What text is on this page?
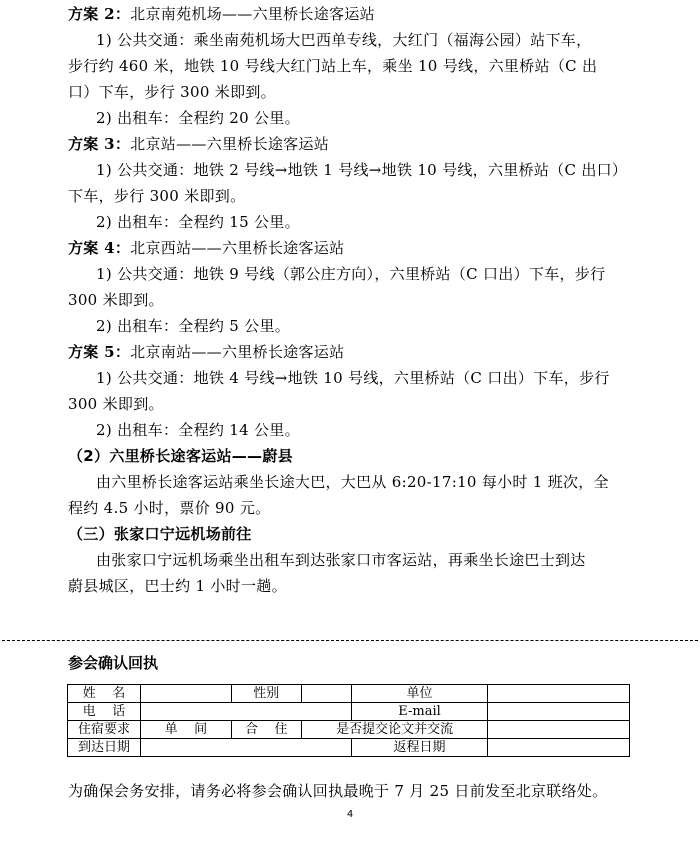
方案 2：北京南苑机场——六里桥长途客运站
1) 公共交通：乘坐南苑机场大巴西单专线，大红门（福海公园）站下车，
步行约 460 米，地铁 10 号线大红门站上车，乘坐 10 号线，六里桥站（C 出
口）下车，步行 300 米即到。
2) 出租车：全程约 20 公里。
方案 3：北京站——六里桥长途客运站
1) 公共交通：地铁 2 号线→地铁 1 号线→地铁 10 号线，六里桥站（C 出口）
下车，步行 300 米即到。
2) 出租车：全程约 15 公里。
方案 4：北京西站——六里桥长途客运站
1) 公共交通：地铁 9 号线（郭公庄方向），六里桥站（C 口出）下车，步行
300 米即到。
2) 出租车：全程约 5 公里。
方案 5：北京南站——六里桥长途客运站
1) 公共交通：地铁 4 号线→地铁 10 号线，六里桥站（C 口出）下车，步行
300 米即到。
2) 出租车：全程约 14 公里。
（2）六里桥长途客运站——蔚县
由六里桥长途客运站乘坐长途大巴，大巴从 6:20-17:10 每小时 1 班次，全
程约 4.5 小时，票价 90 元。
（三）张家口宁远机场前往
由张家口宁远机场乘坐出租车到达张家口市客运站，再乘坐长途巴士到达
蔚县城区，巴士约 1 小时一趟。
参会确认回执
姓    名		性别		单位	
电    话				E-mail	
住宿要求	单    间	合    住	是否提交论文并交流		
到达日期				返程日期	
为确保会务安排，请务必将参会确认回执最晚于 7 月 25 日前发至北京联络处。
4
